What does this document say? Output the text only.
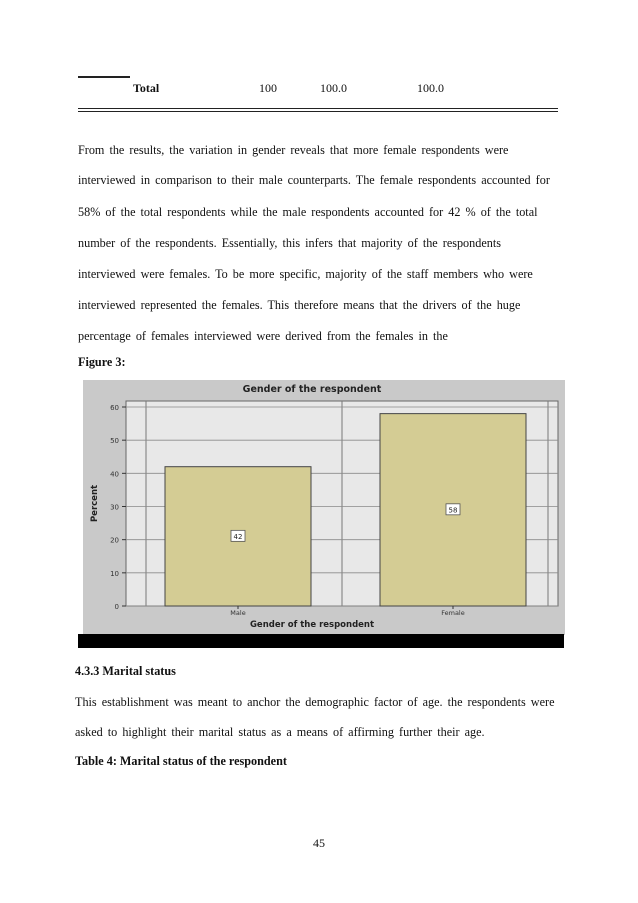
Total	100	100.0	100.0
From the results, the variation in gender reveals that more female respondents were
interviewed in comparison to their male counterparts. The female respondents accounted for
58% of the total respondents while the male respondents accounted for 42 % of the total
number of the respondents. Essentially, this infers that majority of the respondents
interviewed were females. To be more specific, majority of the staff members who were
interviewed represented the females. This therefore means that the drivers of the huge
percentage of females interviewed were derived from the females in the
Figure 3:
0
10
20
30
40
50
60
42
Male
58
Female
Gender of the respondent
Gender of the respondent
Percent
4.3.3 Marital status
This establishment was meant to anchor the demographic factor of age. the respondents were
asked to highlight their marital status as a means of affirming further their age.
Table 4: Marital status of the respondent
45
